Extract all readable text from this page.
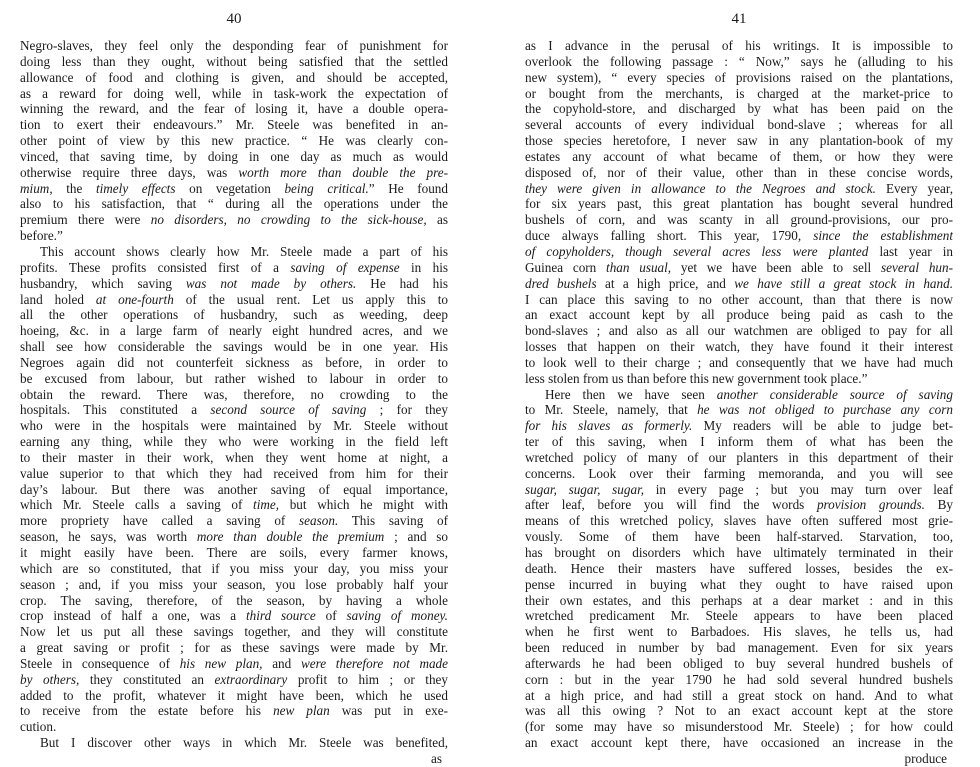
40
Negro-slaves, they feel only the desponding fear of punishment for
doing less than they ought, without being satisfied that the settled
allowance of food and clothing is given, and should be accepted,
as a reward for doing well, while in task-work the expectation of
winning the reward, and the fear of losing it, have a double opera-
tion to exert their endeavours.” Mr. Steele was benefited in an-
other point of view by this new practice. “ He was clearly con-
vinced, that saving time, by doing in one day as much as would
otherwise require three days, was worth more than double the pre-
mium, the timely effects on vegetation being critical.” He found
also to his satisfaction, that “ during all the operations under the
premium there were no disorders, no crowding to the sick-house, as
before.”
This account shows clearly how Mr. Steele made a part of his
profits. These profits consisted first of a saving of expense in his
husbandry, which saving was not made by others. He had his
land holed at one-fourth of the usual rent. Let us apply this to
all the other operations of husbandry, such as weeding, deep
hoeing, &c. in a large farm of nearly eight hundred acres, and we
shall see how considerable the savings would be in one year. His
Negroes again did not counterfeit sickness as before, in order to
be excused from labour, but rather wished to labour in order to
obtain the reward. There was, therefore, no crowding to the
hospitals. This constituted a second source of saving ; for they
who were in the hospitals were maintained by Mr. Steele without
earning any thing, while they who were working in the field left
to their master in their work, when they went home at night, a
value superior to that which they had received from him for their
day’s labour. But there was another saving of equal importance,
which Mr. Steele calls a saving of time, but which he might with
more propriety have called a saving of season. This saving of
season, he says, was worth more than double the premium ; and so
it might easily have been. There are soils, every farmer knows,
which are so constituted, that if you miss your day, you miss your
season ; and, if you miss your season, you lose probably half your
crop. The saving, therefore, of the season, by having a whole
crop instead of half a one, was a third source of saving of money.
Now let us put all these savings together, and they will constitute
a great saving or profit ; for as these savings were made by Mr.
Steele in consequence of his new plan, and were therefore not made
by others, they constituted an extraordinary profit to him ; or they
added to the profit, whatever it might have been, which he used
to receive from the estate before his new plan was put in exe-
cution.
But I discover other ways in which Mr. Steele was benefited,
as
41
as I advance in the perusal of his writings. It is impossible to
overlook the following passage : “ Now,” says he (alluding to his
new system), “ every species of provisions raised on the plantations,
or bought from the merchants, is charged at the market-price to
the copyhold-store, and discharged by what has been paid on the
several accounts of every individual bond-slave ; whereas for all
those species heretofore, I never saw in any plantation-book of my
estates any account of what became of them, or how they were
disposed of, nor of their value, other than in these concise words,
they were given in allowance to the Negroes and stock. Every year,
for six years past, this great plantation has bought several hundred
bushels of corn, and was scanty in all ground-provisions, our pro-
duce always falling short. This year, 1790, since the establishment
of copyholders, though several acres less were planted last year in
Guinea corn than usual, yet we have been able to sell several hun-
dred bushels at a high price, and we have still a great stock in hand.
I can place this saving to no other account, than that there is now
an exact account kept by all produce being paid as cash to the
bond-slaves ; and also as all our watchmen are obliged to pay for all
losses that happen on their watch, they have found it their interest
to look well to their charge ; and consequently that we have had much
less stolen from us than before this new government took place.”
Here then we have seen another considerable source of saving
to Mr. Steele, namely, that he was not obliged to purchase any corn
for his slaves as formerly. My readers will be able to judge bet-
ter of this saving, when I inform them of what has been the
wretched policy of many of our planters in this department of their
concerns. Look over their farming memoranda, and you will see
sugar, sugar, sugar, in every page ; but you may turn over leaf
after leaf, before you will find the words provision grounds. By
means of this wretched policy, slaves have often suffered most grie-
vously. Some of them have been half-starved. Starvation, too,
has brought on disorders which have ultimately terminated in their
death. Hence their masters have suffered losses, besides the ex-
pense incurred in buying what they ought to have raised upon
their own estates, and this perhaps at a dear market : and in this
wretched predicament Mr. Steele appears to have been placed
when he first went to Barbadoes. His slaves, he tells us, had
been reduced in number by bad management. Even for six years
afterwards he had been obliged to buy several hundred bushels of
corn : but in the year 1790 he had sold several hundred bushels
at a high price, and had still a great stock on hand. And to what
was all this owing ? Not to an exact account kept at the store
(for some may have so misunderstood Mr. Steele) ; for how could
an exact account kept there, have occasioned an increase in the
produce
